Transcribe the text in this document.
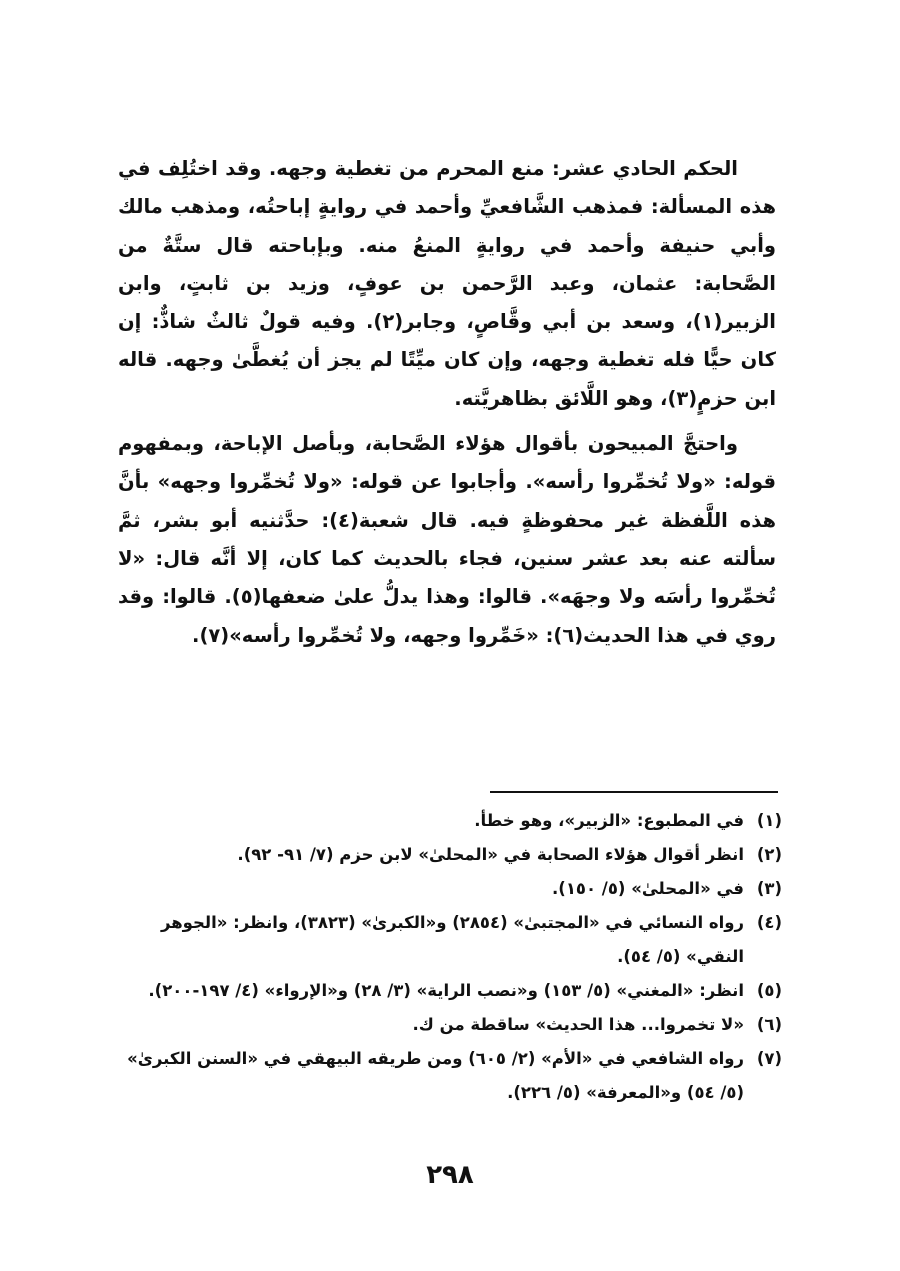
الحكم الحادي عشر: منع المحرم من تغطية وجهه. وقد اختُلِف في هذه المسألة: فمذهب الشَّافعيِّ وأحمد في روايةٍ إباحتُه، ومذهب مالك وأبي حنيفة وأحمد في روايةٍ المنعُ منه. وبإباحته قال ستَّةٌ من الصَّحابة: عثمان، وعبد الرَّحمن بن عوفٍ، وزيد بن ثابتٍ، وابن الزبير(١)، وسعد بن أبي وقَّاصٍ، وجابر(٢). وفيه قولٌ ثالثٌ شاذٌّ: إن كان حيًّا فله تغطية وجهه، وإن كان ميِّتًا لم يجز أن يُغطَّىٰ وجهه. قاله ابن حزمٍ(٣)، وهو اللَّائق بظاهريَّته.

واحتجَّ المبيحون بأقوال هؤلاء الصَّحابة، وبأصل الإباحة، وبمفهوم قوله: «ولا تُخمِّروا رأسه». وأجابوا عن قوله: «ولا تُخمِّروا وجهه» بأنَّ هذه اللَّفظة غير محفوظةٍ فيه. قال شعبة(٤): حدَّثنيه أبو بشر، ثمَّ سألته عنه بعد عشر سنين، فجاء بالحديث كما كان، إلا أنَّه قال: «لا تُخمِّروا رأسَه ولا وجهَه». قالوا: وهذا يدلُّ علىٰ ضعفها(٥). قالوا: وقد روي في هذا الحديث(٦): «خَمِّروا وجهه، ولا تُخمِّروا رأسه»(٧).

(١)
في المطبوع: «الزبير»، وهو خطأ.
(٢)
انظر أقوال هؤلاء الصحابة في «المحلىٰ» لابن حزم (٧/ ٩١- ٩٢).
(٣)
في «المحلىٰ» (٥/ ١٥٠).
(٤)
رواه النسائي في «المجتبىٰ» (٢٨٥٤) و«الكبرىٰ» (٣٨٢٣)، وانظر: «الجوهر النقي» (٥/ ٥٤).
(٥)
انظر: «المغني» (٥/ ١٥٣) و«نصب الراية» (٣/ ٢٨) و«الإرواء» (٤/ ١٩٧-٢٠٠).
(٦)
«لا تخمروا... هذا الحديث» ساقطة من ك.
(٧)
رواه الشافعي في «الأم» (٢/ ٦٠٥) ومن طريقه البيهقي في «السنن الكبرىٰ» (٥/ ٥٤) و«المعرفة» (٥/ ٢٢٦).
٢٩٨
